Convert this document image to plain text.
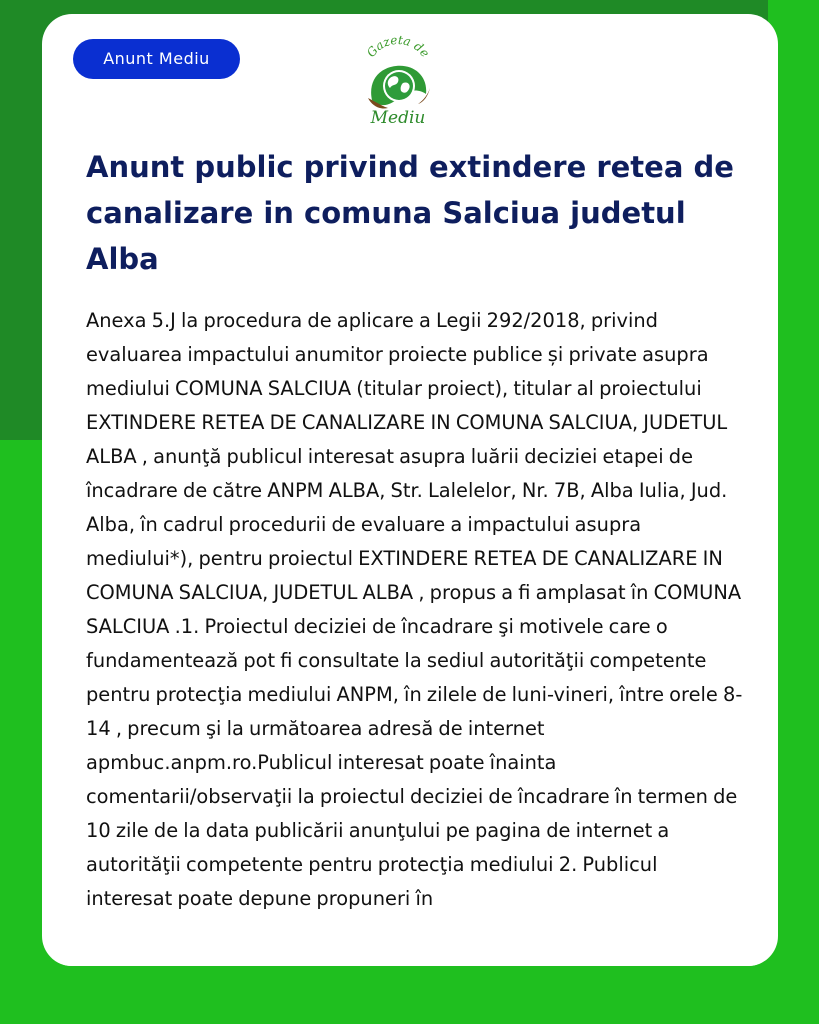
Anunt Mediu	Gazeta de
Mediu
Anunt public privind extindere retea de canalizare in comuna Salciua judetul Alba

Anexa 5.J la procedura de aplicare a Legii 292/2018, privind evaluarea impactului anumitor proiecte publice și private asupra mediului COMUNA SALCIUA (titular proiect), titular al proiectului EXTINDERE RETEA DE CANALIZARE IN COMUNA SALCIUA, JUDETUL ALBA , anunţă publicul interesat asupra luării deciziei etapei de încadrare de către ANPM ALBA, Str. Lalelelor, Nr. 7B, Alba Iulia, Jud. Alba, în cadrul procedurii de evaluare a impactului asupra mediului*), pentru proiectul EXTINDERE RETEA DE CANALIZARE IN COMUNA SALCIUA, JUDETUL ALBA , propus a fi amplasat în COMUNA SALCIUA .1. Proiectul deciziei de încadrare şi motivele care o fundamentează pot fi consultate la sediul autorităţii competente pentru protecţia mediului ANPM, în zilele de luni-vineri, între orele 8-14 , precum şi la următoarea adresă de internet apmbuc.anpm.ro.Publicul interesat poate înainta comentarii/observaţii la proiectul deciziei de încadrare în termen de 10 zile de la data publicării anunţului pe pagina de internet a autorităţii competente pentru protecţia mediului 2. Publicul interesat poate depune propuneri în
